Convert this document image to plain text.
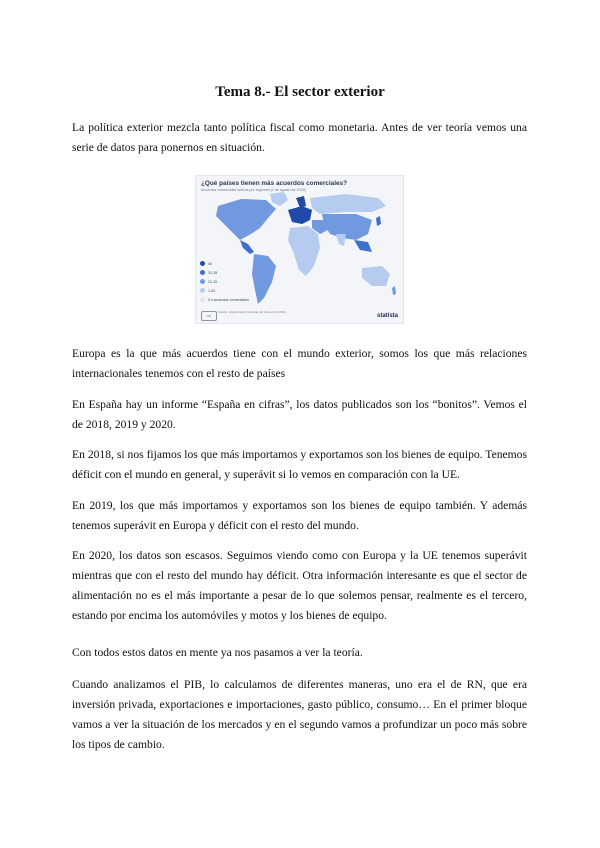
Tema 8.- El sector exterior

La política exterior mezcla tanto política fiscal como monetaria. Antes de ver teoría vemos una serie de datos para ponernos en situación.

¿Qué países tienen más acuerdos comerciales?
Acuerdos comerciales activos por regiones (1 de agosto de 2019)
40
31-39
21-30
1-20
0 o acuerdos comerciales
cc
Fuente: Organización Mundial del Comercio (OMC)
statista

Europa es la que más acuerdos tiene con el mundo exterior, somos los que más relaciones internacionales tenemos con el resto de países

En España hay un informe “España en cifras”, los datos publicados son los “bonitos”. Vemos el de 2018, 2019 y 2020.

En 2018, si nos fijamos los que más importamos y exportamos son los bienes de equipo. Tenemos déficit con el mundo en general, y superávit si lo vemos en comparación con la UE.

En 2019, los que más importamos y exportamos son los bienes de equipo también. Y además tenemos superávit en Europa y déficit con el resto del mundo.

En 2020, los datos son escasos. Seguimos viendo como con Europa y la UE tenemos superávit mientras que con el resto del mundo hay déficit. Otra información interesante es que el sector de alimentación no es el más importante a pesar de lo que solemos pensar, realmente es el tercero, estando por encima los automóviles y motos y los bienes de equipo.

Con todos estos datos en mente ya nos pasamos a ver la teoría.

Cuando analizamos el PIB, lo calculamos de diferentes maneras, uno era el de RN, que era inversión privada, exportaciones e importaciones, gasto público, consumo… En el primer bloque vamos a ver la situación de los mercados y en el segundo vamos a profundizar un poco más sobre los tipos de cambio.
